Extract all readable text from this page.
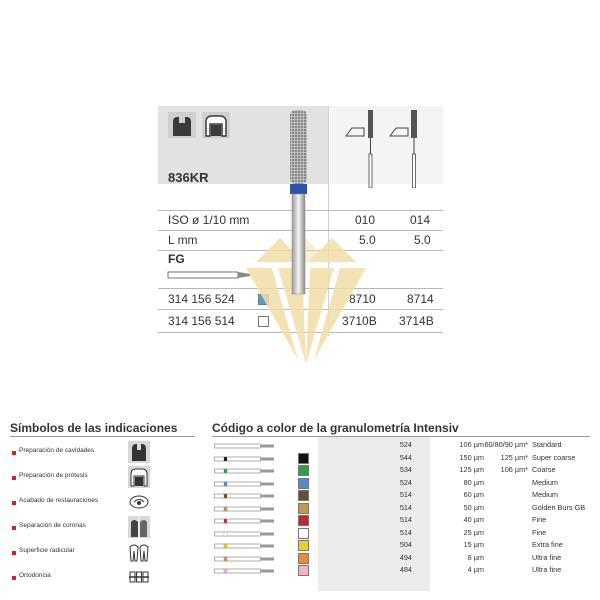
836KR
ISO ø 1/10 mm	010	014
L mm	5.0	5.0
FG
314 156 524	8710	8714
314 156 514	3710B 3714B
Símbolos de las indicaciones
Preparación de cavidades
Preparación de prótesis
Acabado de restauraciones
Separación de coronas
Superficie radicular
Ortodoncia
Código a color de la granulometría Intensiv
524	106 µm 60/80/90 µm* Standard
544	150 µm	125 µm* Super coarse
534	125 µm	106 µm* Coarse
524	80 µm	Medium
514	60 µm	Medium
514	50 µm	Golden Burs GB
514	40 µm	Fine
514	25 µm	Fine
504	15 µm	Extra fine
494	8 µm	Ultra fine
484	4 µm	Ultra fine
